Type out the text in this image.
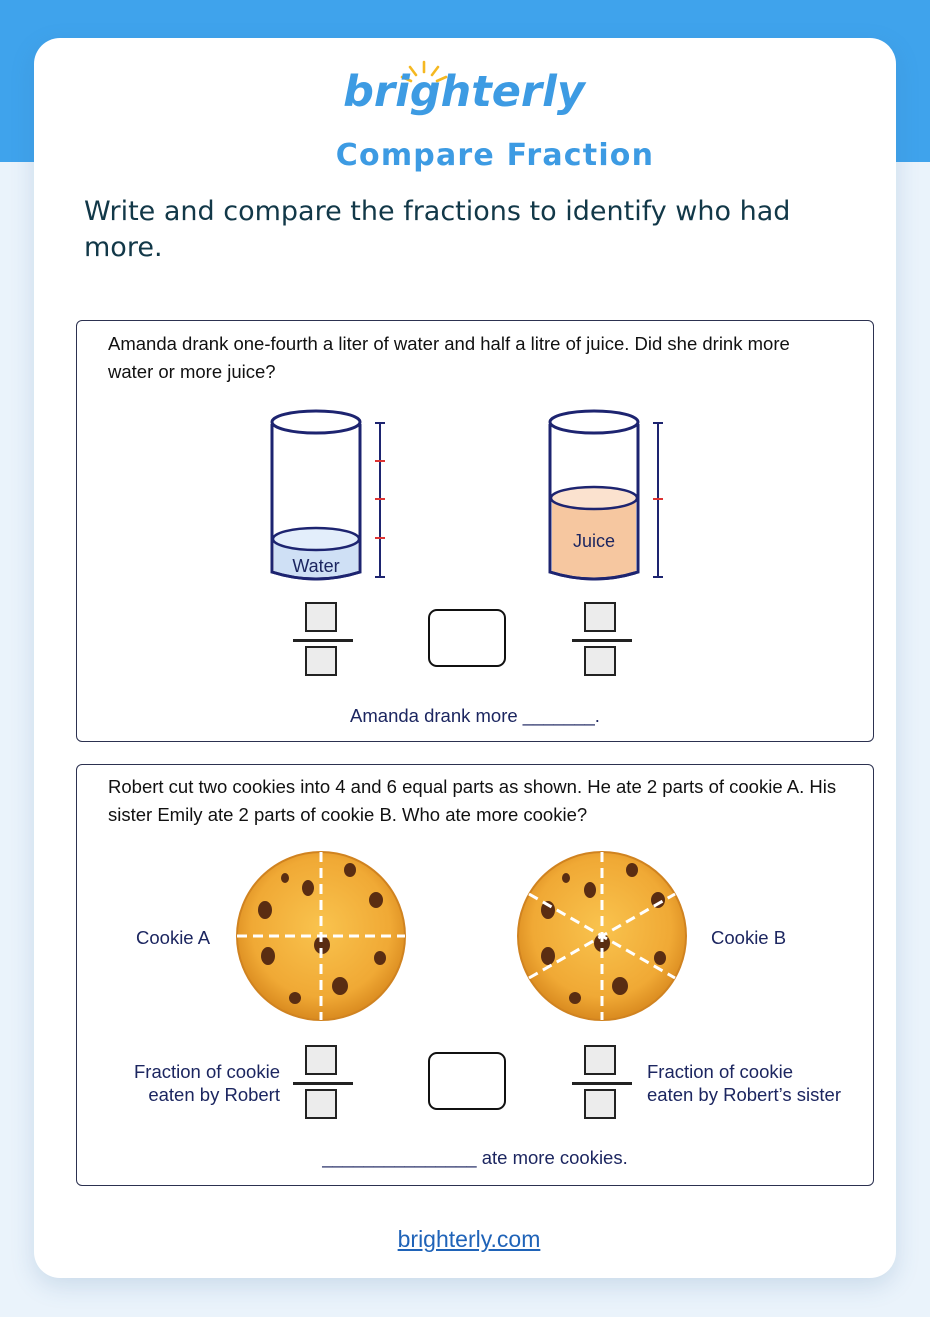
brighterly
Compare Fraction
Write and compare the fractions to identify who had more.
Amanda drank one-fourth a liter of water and half a litre of juice. Did she drink more water or more juice?
Water
Juice
Amanda drank more _______.
Robert cut two cookies into 4 and 6 equal parts as shown. He ate 2 parts of cookie A. His sister Emily ate 2 parts of cookie B. Who ate more cookie?
Cookie A	Cookie B
Fraction of cookie
eaten by Robert
Fraction of cookie
eaten by Robert’s sister
_______________ ate more cookies.
brighterly.com
